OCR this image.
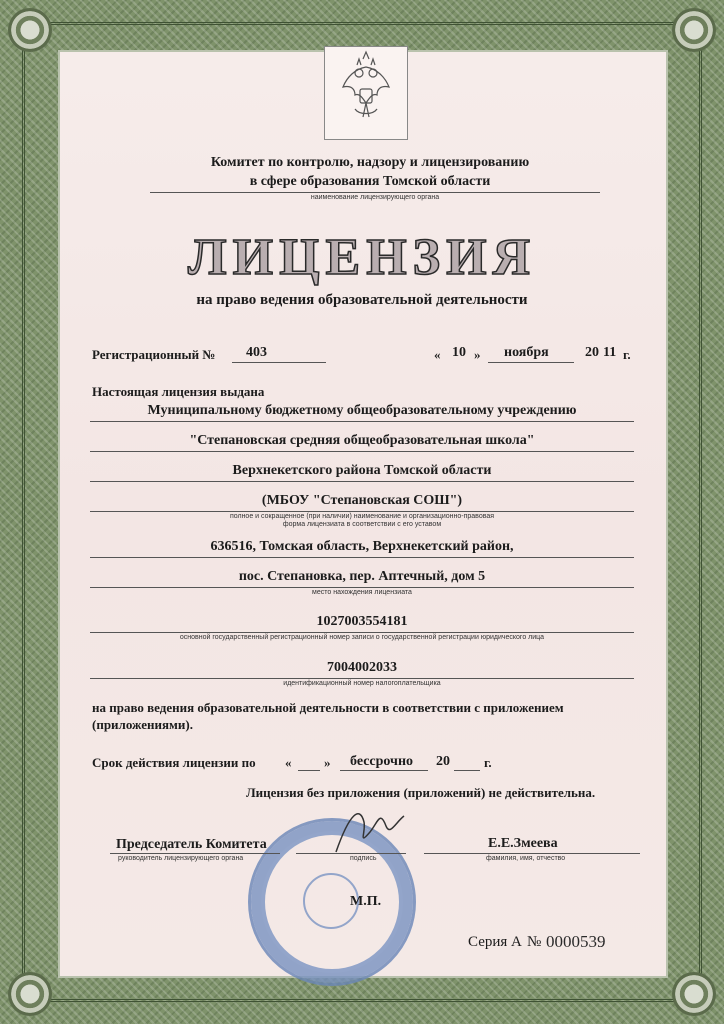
Комитет по контролю, надзору и лицензированию
в сфере образования Томской области
наименование лицензирующего органа
ЛИЦЕНЗИЯ
на право ведения образовательной деятельности
Регистрационный № 403	« 10 » ноября	20 11 г.
Настоящая лицензия выдана
Муниципальному бюджетному общеобразовательному учреждению
"Степановская средняя общеобразовательная школа"
Верхнекетского района Томской области
(МБОУ "Степановская СОШ")
полное и сокращенное (при наличии) наименование и организационно-правовая
форма лицензиата в соответствии с его уставом
636516, Томская область, Верхнекетский район,
пос. Степановка, пер. Аптечный, дом 5
место нахождения лицензиата
1027003554181
основной государственный регистрационный номер записи о государственной регистрации юридического лица
7004002033
идентификационный номер налогоплательщика
на право ведения образовательной деятельности в соответствии с приложением
(приложениями).
Срок действия лицензии по «	» бессрочно 20	г.
Лицензия без приложения (приложений) не действительна.
Председатель Комитета
руководитель лицензирующего органа	подпись
Е.Е.Змеева
фамилия, имя, отчество
М.П.
Серия А № 0000539
